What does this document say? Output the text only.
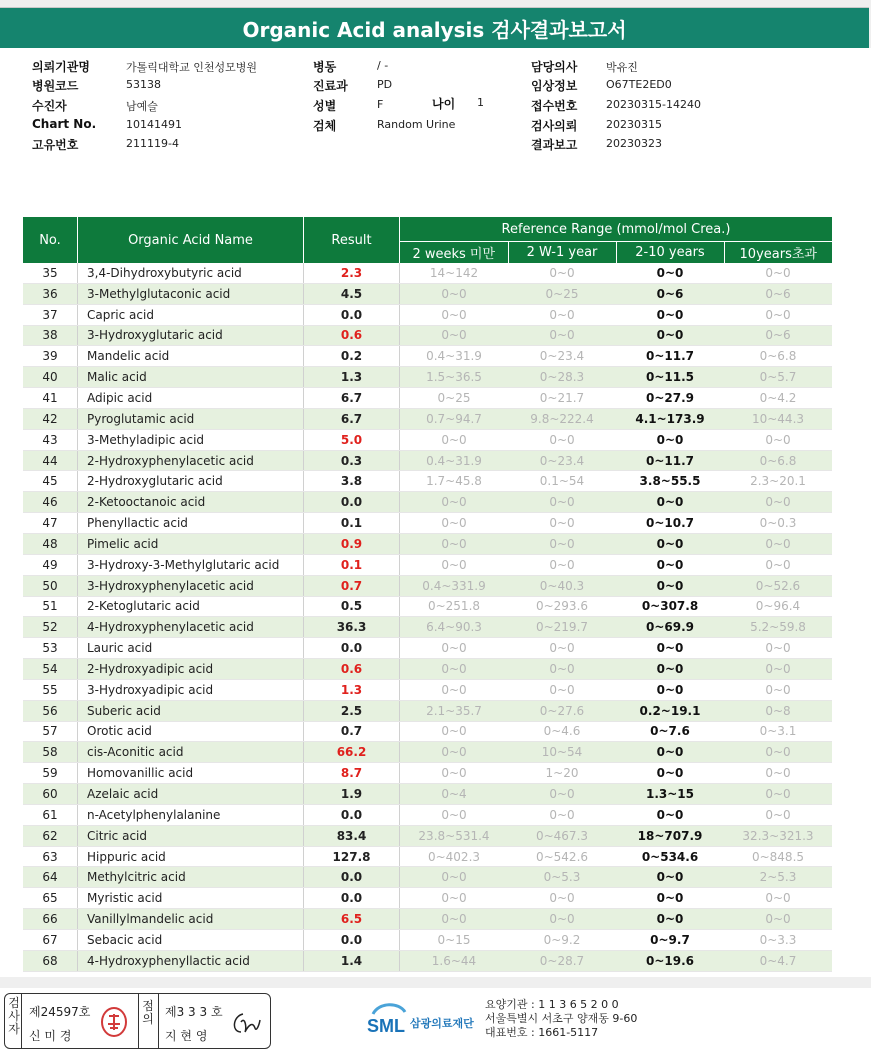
Organic Acid analysis 검사결과보고서
의뢰기관명	가톨릭대학교 인천성모병원
병원코드	53138
수진자	남예슬
Chart No.	10141491
고유번호	211119-4
병동	/ -
진료과	PD
성별	F
검체	Random Urine
담당의사	박유진
임상정보	O67TE2ED0
접수번호	20230315-14240
검사의뢰	20230315
결과보고	20230323
나이 1
No.	Organic Acid Name	Result	Reference Range (mmol/mol Crea.)			
			2 weeks 미만	2 W-1 year	2-10 years	10years초과
35	3,4-Dihydroxybutyric acid	2.3	14~142	0~0	0~0	0~0
36	3-Methylglutaconic acid	4.5	0~0	0~25	0~6	0~6
37	Capric acid	0.0	0~0	0~0	0~0	0~0
38	3-Hydroxyglutaric acid	0.6	0~0	0~0	0~0	0~6
39	Mandelic acid	0.2	0.4~31.9	0~23.4	0~11.7	0~6.8
40	Malic acid	1.3	1.5~36.5	0~28.3	0~11.5	0~5.7
41	Adipic acid	6.7	0~25	0~21.7	0~27.9	0~4.2
42	Pyroglutamic acid	6.7	0.7~94.7	9.8~222.4	4.1~173.9	10~44.3
43	3-Methyladipic acid	5.0	0~0	0~0	0~0	0~0
44	2-Hydroxyphenylacetic acid	0.3	0.4~31.9	0~23.4	0~11.7	0~6.8
45	2-Hydroxyglutaric acid	3.8	1.7~45.8	0.1~54	3.8~55.5	2.3~20.1
46	2-Ketooctanoic acid	0.0	0~0	0~0	0~0	0~0
47	Phenyllactic acid	0.1	0~0	0~0	0~10.7	0~0.3
48	Pimelic acid	0.9	0~0	0~0	0~0	0~0
49	3-Hydroxy-3-Methylglutaric acid	0.1	0~0	0~0	0~0	0~0
50	3-Hydroxyphenylacetic acid	0.7	0.4~331.9	0~40.3	0~0	0~52.6
51	2-Ketoglutaric acid	0.5	0~251.8	0~293.6	0~307.8	0~96.4
52	4-Hydroxyphenylacetic acid	36.3	6.4~90.3	0~219.7	0~69.9	5.2~59.8
53	Lauric acid	0.0	0~0	0~0	0~0	0~0
54	2-Hydroxyadipic acid	0.6	0~0	0~0	0~0	0~0
55	3-Hydroxyadipic acid	1.3	0~0	0~0	0~0	0~0
56	Suberic acid	2.5	2.1~35.7	0~27.6	0.2~19.1	0~8
57	Orotic acid	0.7	0~0	0~4.6	0~7.6	0~3.1
58	cis-Aconitic acid	66.2	0~0	10~54	0~0	0~0
59	Homovanillic acid	8.7	0~0	1~20	0~0	0~0
60	Azelaic acid	1.9	0~4	0~0	1.3~15	0~0
61	n-Acetylphenylalanine	0.0	0~0	0~0	0~0	0~0
62	Citric acid	83.4	23.8~531.4	0~467.3	18~707.9	32.3~321.3
63	Hippuric acid	127.8	0~402.3	0~542.6	0~534.6	0~848.5
64	Methylcitric acid	0.0	0~0	0~5.3	0~0	2~5.3
65	Myristic acid	0.0	0~0	0~0	0~0	0~0
66	Vanillylmandelic acid	6.5	0~0	0~0	0~0	0~0
67	Sebacic acid	0.0	0~15	0~9.2	0~9.7	0~3.3
68	4-Hydroxyphenyllactic acid	1.4	1.6~44	0~28.7	0~19.6	0~4.7
검
사
자
제24597호
신 미 경
점
의 제3 3 3 호
지 현 영	SML 삼광의료재단
요양기관 : 1 1 3 6 5 2 0 0
서울특별시 서초구 양재동 9-60
대표번호 : 1661-5117
